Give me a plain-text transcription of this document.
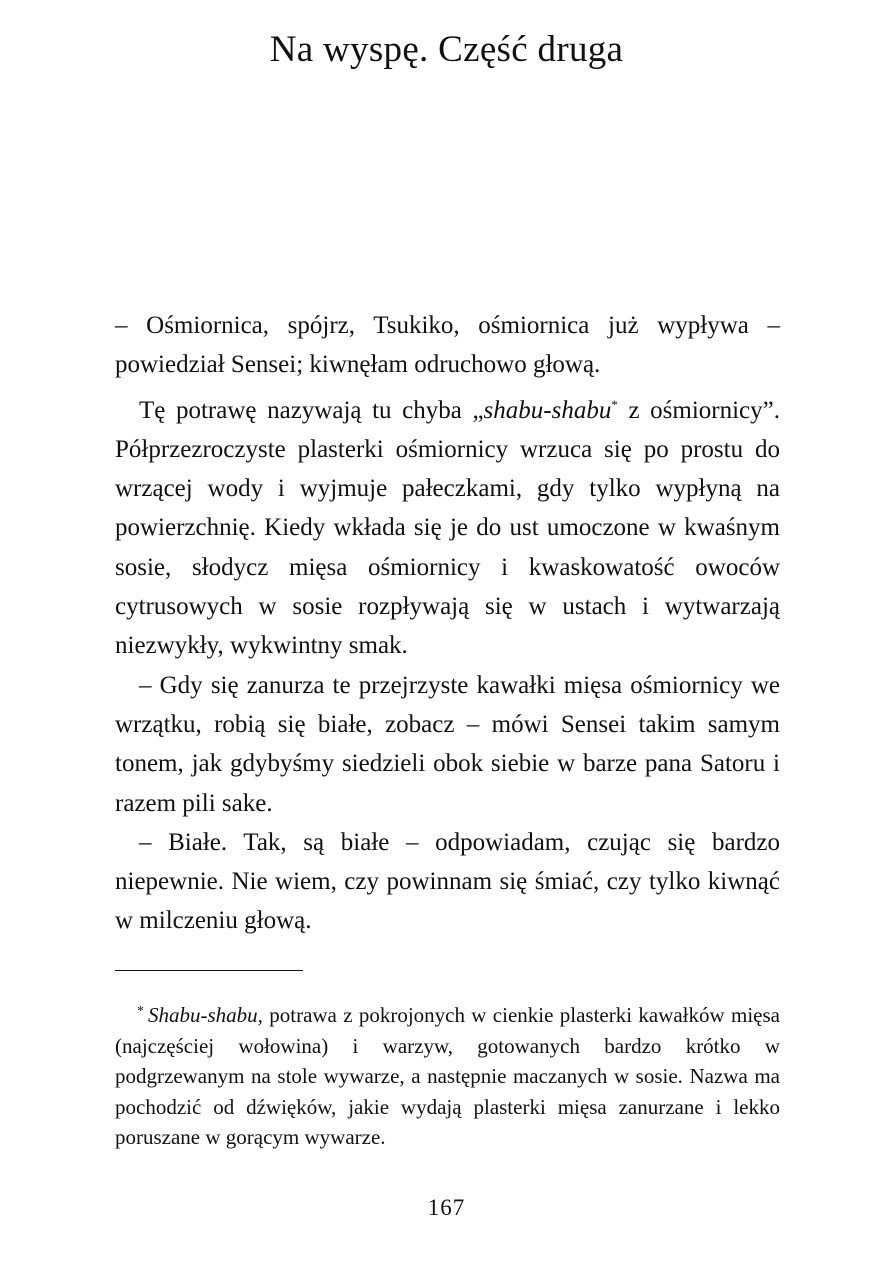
Na wyspę. Część druga

– Ośmiornica, spójrz, Tsukiko, ośmiornica już wypływa – powiedział Sensei; kiwnęłam odruchowo głową.

Tę potrawę nazywają tu chyba „shabu-shabu* z ośmiornicy”. Półprzezroczyste plasterki ośmiornicy wrzuca się po prostu do wrzącej wody i wyjmuje pałeczkami, gdy tylko wypłyną na powierzchnię. Kiedy wkłada się je do ust umoczone w kwaśnym sosie, słodycz mięsa ośmiornicy i kwaskowatość owoców cytrusowych w sosie rozpływają się w ustach i wytwarzają niezwykły, wykwintny smak.

– Gdy się zanurza te przejrzyste kawałki mięsa ośmiornicy we wrzątku, robią się białe, zobacz – mówi Sensei takim samym tonem, jak gdybyśmy siedzieli obok siebie w barze pana Satoru i razem pili sake.

– Białe. Tak, są białe – odpowiadam, czując się bardzo niepewnie. Nie wiem, czy powinnam się śmiać, czy tylko kiwnąć w milczeniu głową.

* Shabu-shabu, potrawa z pokrojonych w cienkie plasterki kawałków mięsa (najczęściej wołowina) i warzyw, gotowanych bardzo krótko w podgrzewanym na stole wywarze, a następnie maczanych w sosie. Nazwa ma pochodzić od dźwięków, jakie wydają plasterki mięsa zanurzane i lekko poruszane w gorącym wywarze.
167
